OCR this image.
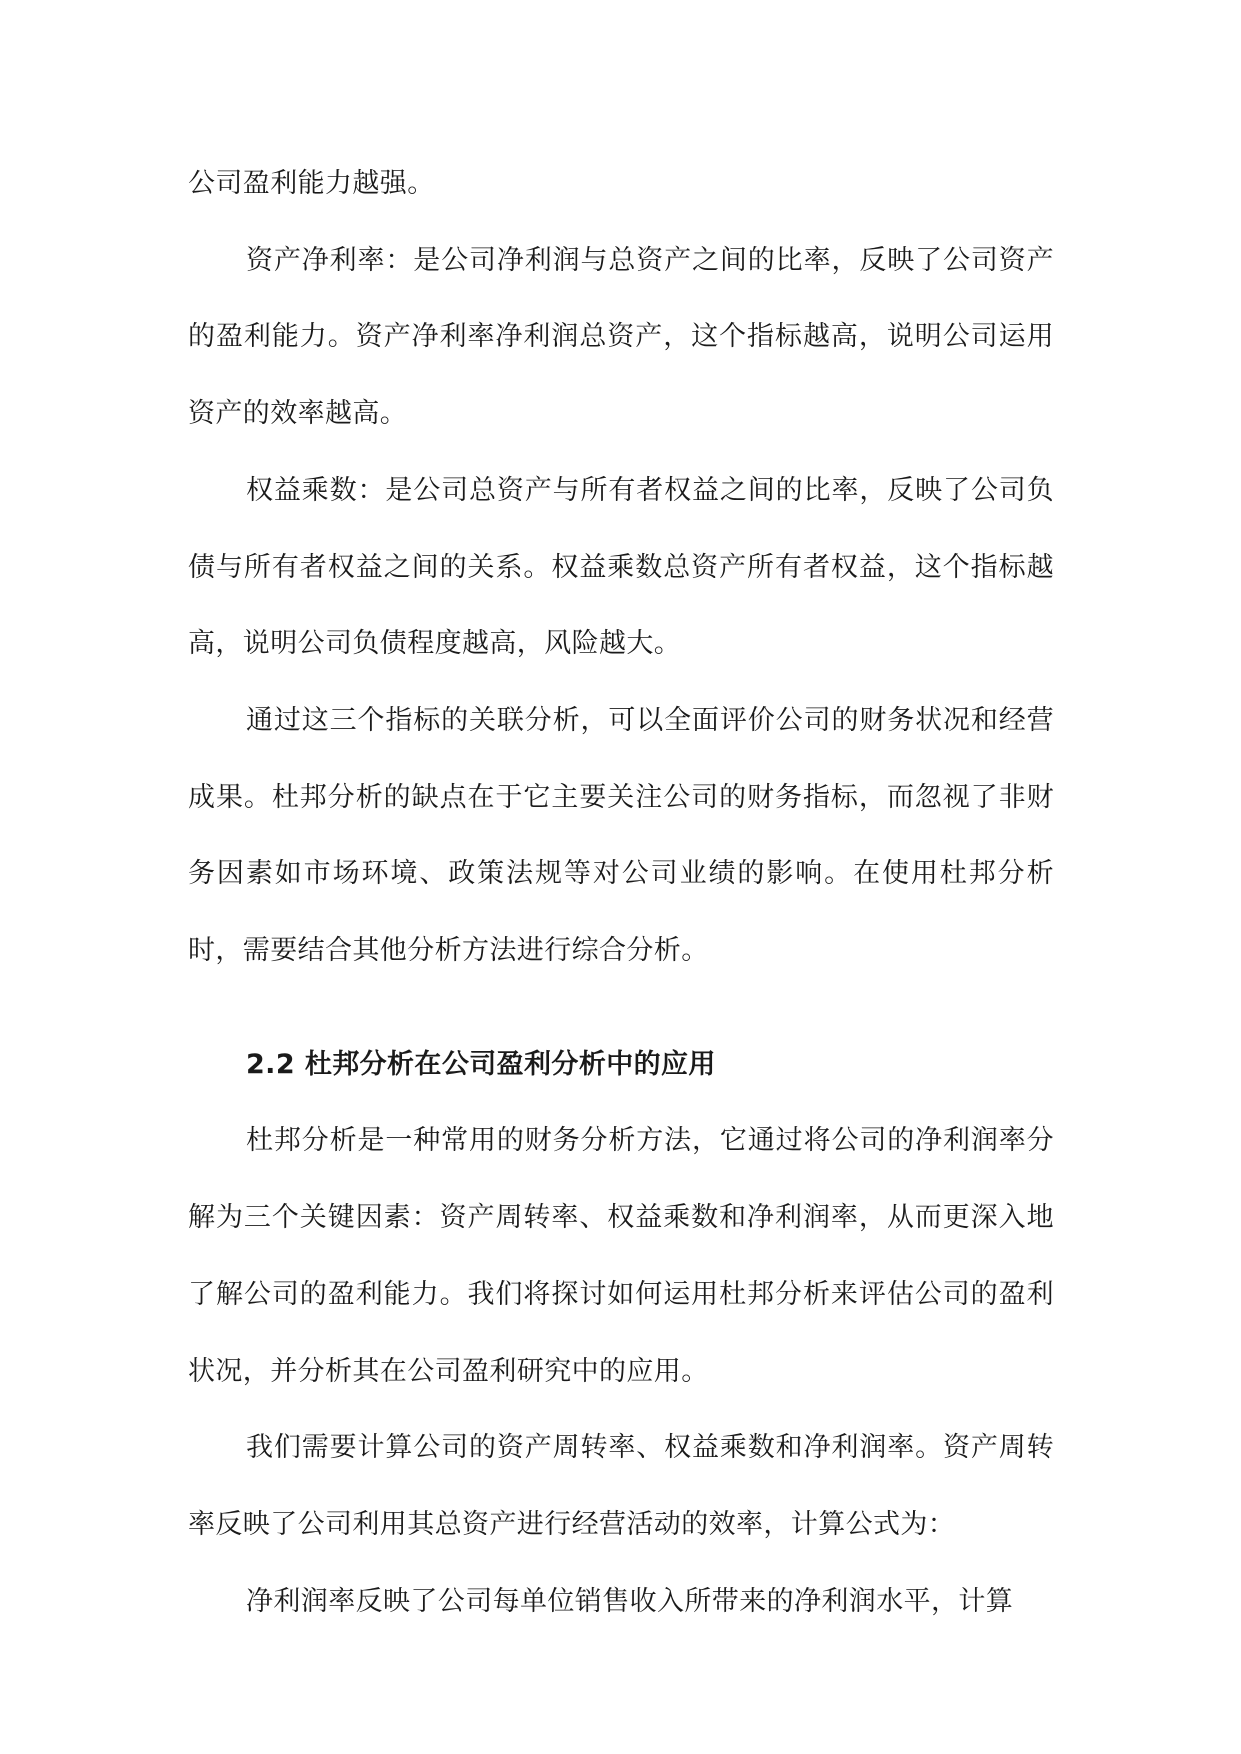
公司盈利能力越强。

资产净利率：是公司净利润与总资产之间的比率，反映了公司资产的盈利能力。资产净利率净利润总资产，这个指标越高，说明公司运用资产的效率越高。

权益乘数：是公司总资产与所有者权益之间的比率，反映了公司负债与所有者权益之间的关系。权益乘数总资产所有者权益，这个指标越高，说明公司负债程度越高，风险越大。

通过这三个指标的关联分析，可以全面评价公司的财务状况和经营成果。杜邦分析的缺点在于它主要关注公司的财务指标，而忽视了非财务因素如市场环境、政策法规等对公司业绩的影响。在使用杜邦分析时，需要结合其他分析方法进行综合分析。

2.2 杜邦分析在公司盈利分析中的应用

杜邦分析是一种常用的财务分析方法，它通过将公司的净利润率分解为三个关键因素：资产周转率、权益乘数和净利润率，从而更深入地了解公司的盈利能力。我们将探讨如何运用杜邦分析来评估公司的盈利状况，并分析其在公司盈利研究中的应用。

我们需要计算公司的资产周转率、权益乘数和净利润率。资产周转率反映了公司利用其总资产进行经营活动的效率，计算公式为：

净利润率反映了公司每单位销售收入所带来的净利润水平，计算
